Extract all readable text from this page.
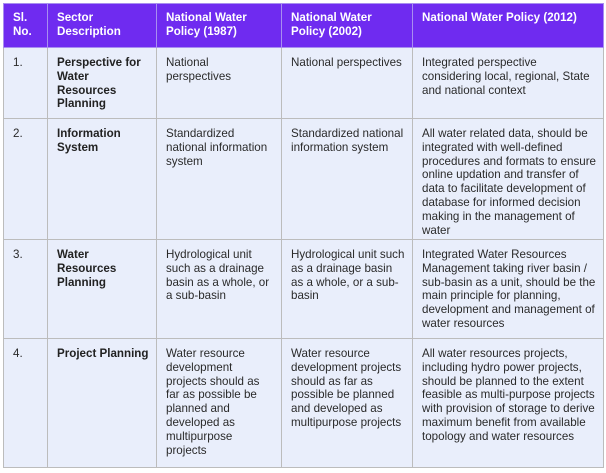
Sl. No.	Sector Description	National Water Policy (1987)	National Water Policy (2002)	National Water Policy (2012)
1.	Perspective for Water Resources Planning	National perspectives	National perspectives	Integrated perspective considering local, regional, State and national context
2.	Information System	Standardized national information system	Standardized national information system	All water related data, should be integrated with well-defined procedures and formats to ensure online updation and transfer of data to facilitate development of database for informed decision making in the management of water
3.	Water Resources Planning	Hydrological unit such as a drainage basin as a whole, or a sub-basin	Hydrological unit such as a drainage basin as a whole, or a sub-basin	Integrated Water Resources Management taking river basin / sub-basin as a unit, should be the main principle for planning, development and management of water resources
4.	Project Planning	Water resource development projects should as far as possible be planned and developed as multipurpose projects	Water resource development projects should as far as possible be planned and developed as multipurpose projects	All water resources projects, including hydro power projects, should be planned to the extent feasible as multi-purpose projects with provision of storage to derive maximum benefit from available topology and water resources
